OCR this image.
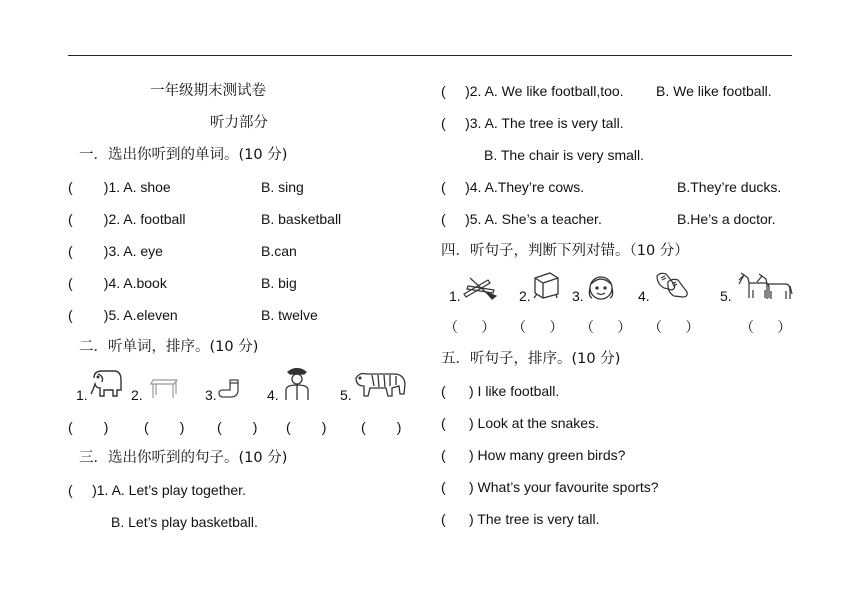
一年级期末测试卷
听力部分
一．选出你听到的单词。(10 分)
(        )1. A. shoe	B. sing
(        )2. A. football	B. basketball
(        )3. A. eye	B.can
(        )4. A.book	B. big
(        )5. A.eleven	B. twelve
二．听单词，排序。(10 分)
1.	2.	3.	4.	5.
(        )	(        ) (        ) (        ) (        )
三．选出你听到的句子。(10 分)
(     )1. A. Let’s play together.
B. Let’s play basketball.
(     )2. A. We like football,too. B. We like football.
(     )3. A. The tree is very tall.
B. The chair is very small.
(     )4. A.They’re cows.	B.They’re ducks.
(     )5. A. She’s a teacher.	B.He’s a doctor.
四．听句子，判断下列对错。（10 分）
1.	2.	3.	4.	5.
（      ） （      ） （      ） （      ）	（      ）
五．听句子，排序。(10 分)
(      ) I like football.
(      ) Look at the snakes.
(      ) How many green birds?
(      ) What’s your favourite sports?
(      ) The tree is very tall.
